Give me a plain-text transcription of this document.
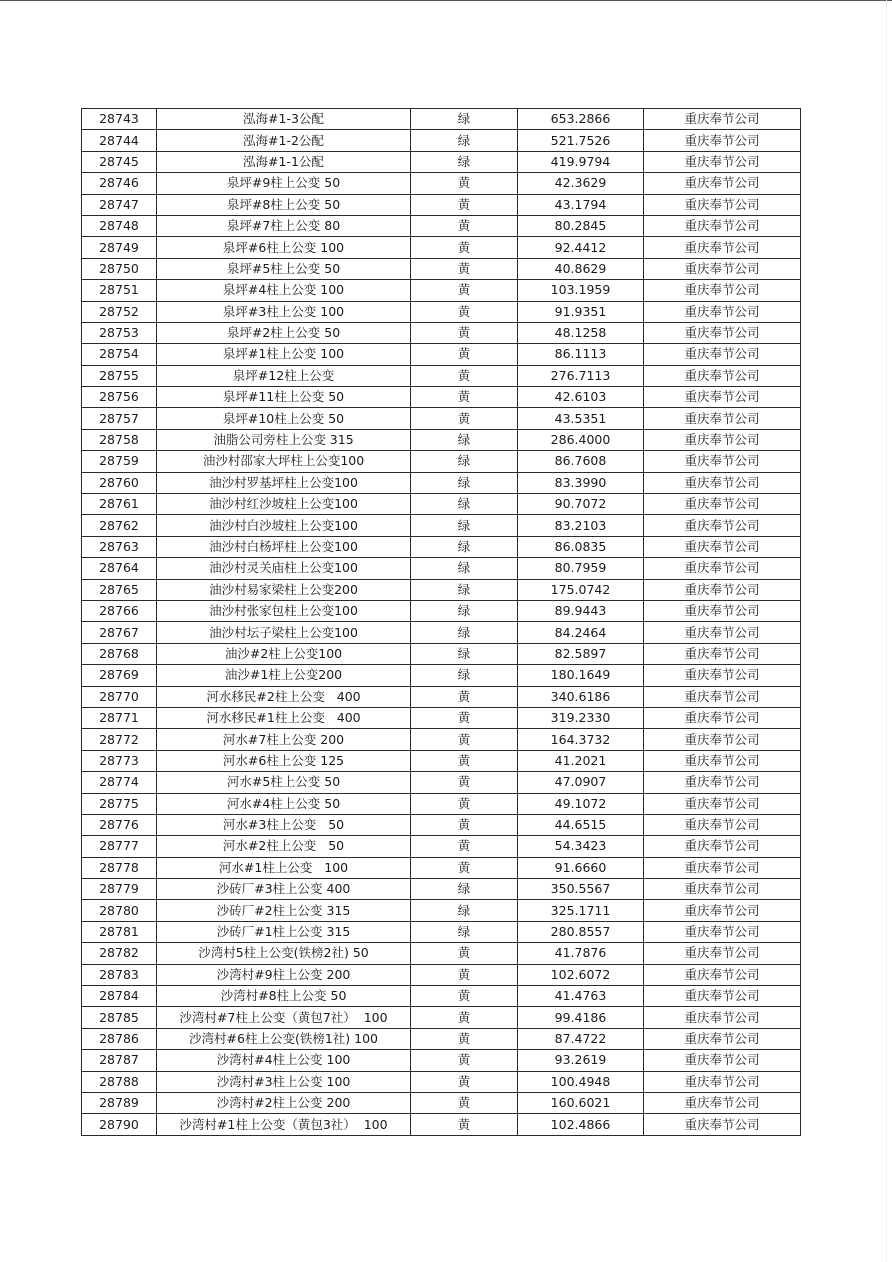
28743	泓海#1-3公配	绿	653.2866	重庆奉节公司
28744	泓海#1-2公配	绿	521.7526	重庆奉节公司
28745	泓海#1-1公配	绿	419.9794	重庆奉节公司
28746	泉坪#9柱上公变 50	黄	42.3629	重庆奉节公司
28747	泉坪#8柱上公变 50	黄	43.1794	重庆奉节公司
28748	泉坪#7柱上公变 80	黄	80.2845	重庆奉节公司
28749	泉坪#6柱上公变 100	黄	92.4412	重庆奉节公司
28750	泉坪#5柱上公变 50	黄	40.8629	重庆奉节公司
28751	泉坪#4柱上公变 100	黄	103.1959	重庆奉节公司
28752	泉坪#3柱上公变 100	黄	91.9351	重庆奉节公司
28753	泉坪#2柱上公变 50	黄	48.1258	重庆奉节公司
28754	泉坪#1柱上公变 100	黄	86.1113	重庆奉节公司
28755	泉坪#12柱上公变	黄	276.7113	重庆奉节公司
28756	泉坪#11柱上公变 50	黄	42.6103	重庆奉节公司
28757	泉坪#10柱上公变 50	黄	43.5351	重庆奉节公司
28758	油脂公司旁柱上公变 315	绿	286.4000	重庆奉节公司
28759	油沙村邵家大坪柱上公变100	绿	86.7608	重庆奉节公司
28760	油沙村罗基坪柱上公变100	绿	83.3990	重庆奉节公司
28761	油沙村红沙坡柱上公变100	绿	90.7072	重庆奉节公司
28762	油沙村白沙坡柱上公变100	绿	83.2103	重庆奉节公司
28763	油沙村白杨坪柱上公变100	绿	86.0835	重庆奉节公司
28764	油沙村灵关庙柱上公变100	绿	80.7959	重庆奉节公司
28765	油沙村易家梁柱上公变200	绿	175.0742	重庆奉节公司
28766	油沙村张家包柱上公变100	绿	89.9443	重庆奉节公司
28767	油沙村坛子梁柱上公变100	绿	84.2464	重庆奉节公司
28768	油沙#2柱上公变100	绿	82.5897	重庆奉节公司
28769	油沙#1柱上公变200	绿	180.1649	重庆奉节公司
28770	河水移民#2柱上公变   400	黄	340.6186	重庆奉节公司
28771	河水移民#1柱上公变   400	黄	319.2330	重庆奉节公司
28772	河水#7柱上公变 200	黄	164.3732	重庆奉节公司
28773	河水#6柱上公变 125	黄	41.2021	重庆奉节公司
28774	河水#5柱上公变 50	黄	47.0907	重庆奉节公司
28775	河水#4柱上公变 50	黄	49.1072	重庆奉节公司
28776	河水#3柱上公变   50	黄	44.6515	重庆奉节公司
28777	河水#2柱上公变   50	黄	54.3423	重庆奉节公司
28778	河水#1柱上公变   100	黄	91.6660	重庆奉节公司
28779	沙砖厂#3柱上公变 400	绿	350.5567	重庆奉节公司
28780	沙砖厂#2柱上公变 315	绿	325.1711	重庆奉节公司
28781	沙砖厂#1柱上公变 315	绿	280.8557	重庆奉节公司
28782	沙湾村5柱上公变(铁榜2社) 50	黄	41.7876	重庆奉节公司
28783	沙湾村#9柱上公变 200	黄	102.6072	重庆奉节公司
28784	沙湾村#8柱上公变 50	黄	41.4763	重庆奉节公司
28785	沙湾村#7柱上公变（黄包7社）  100	黄	99.4186	重庆奉节公司
28786	沙湾村#6柱上公变(铁榜1社) 100	黄	87.4722	重庆奉节公司
28787	沙湾村#4柱上公变 100	黄	93.2619	重庆奉节公司
28788	沙湾村#3柱上公变 100	黄	100.4948	重庆奉节公司
28789	沙湾村#2柱上公变 200	黄	160.6021	重庆奉节公司
28790	沙湾村#1柱上公变（黄包3社）  100	黄	102.4866	重庆奉节公司
